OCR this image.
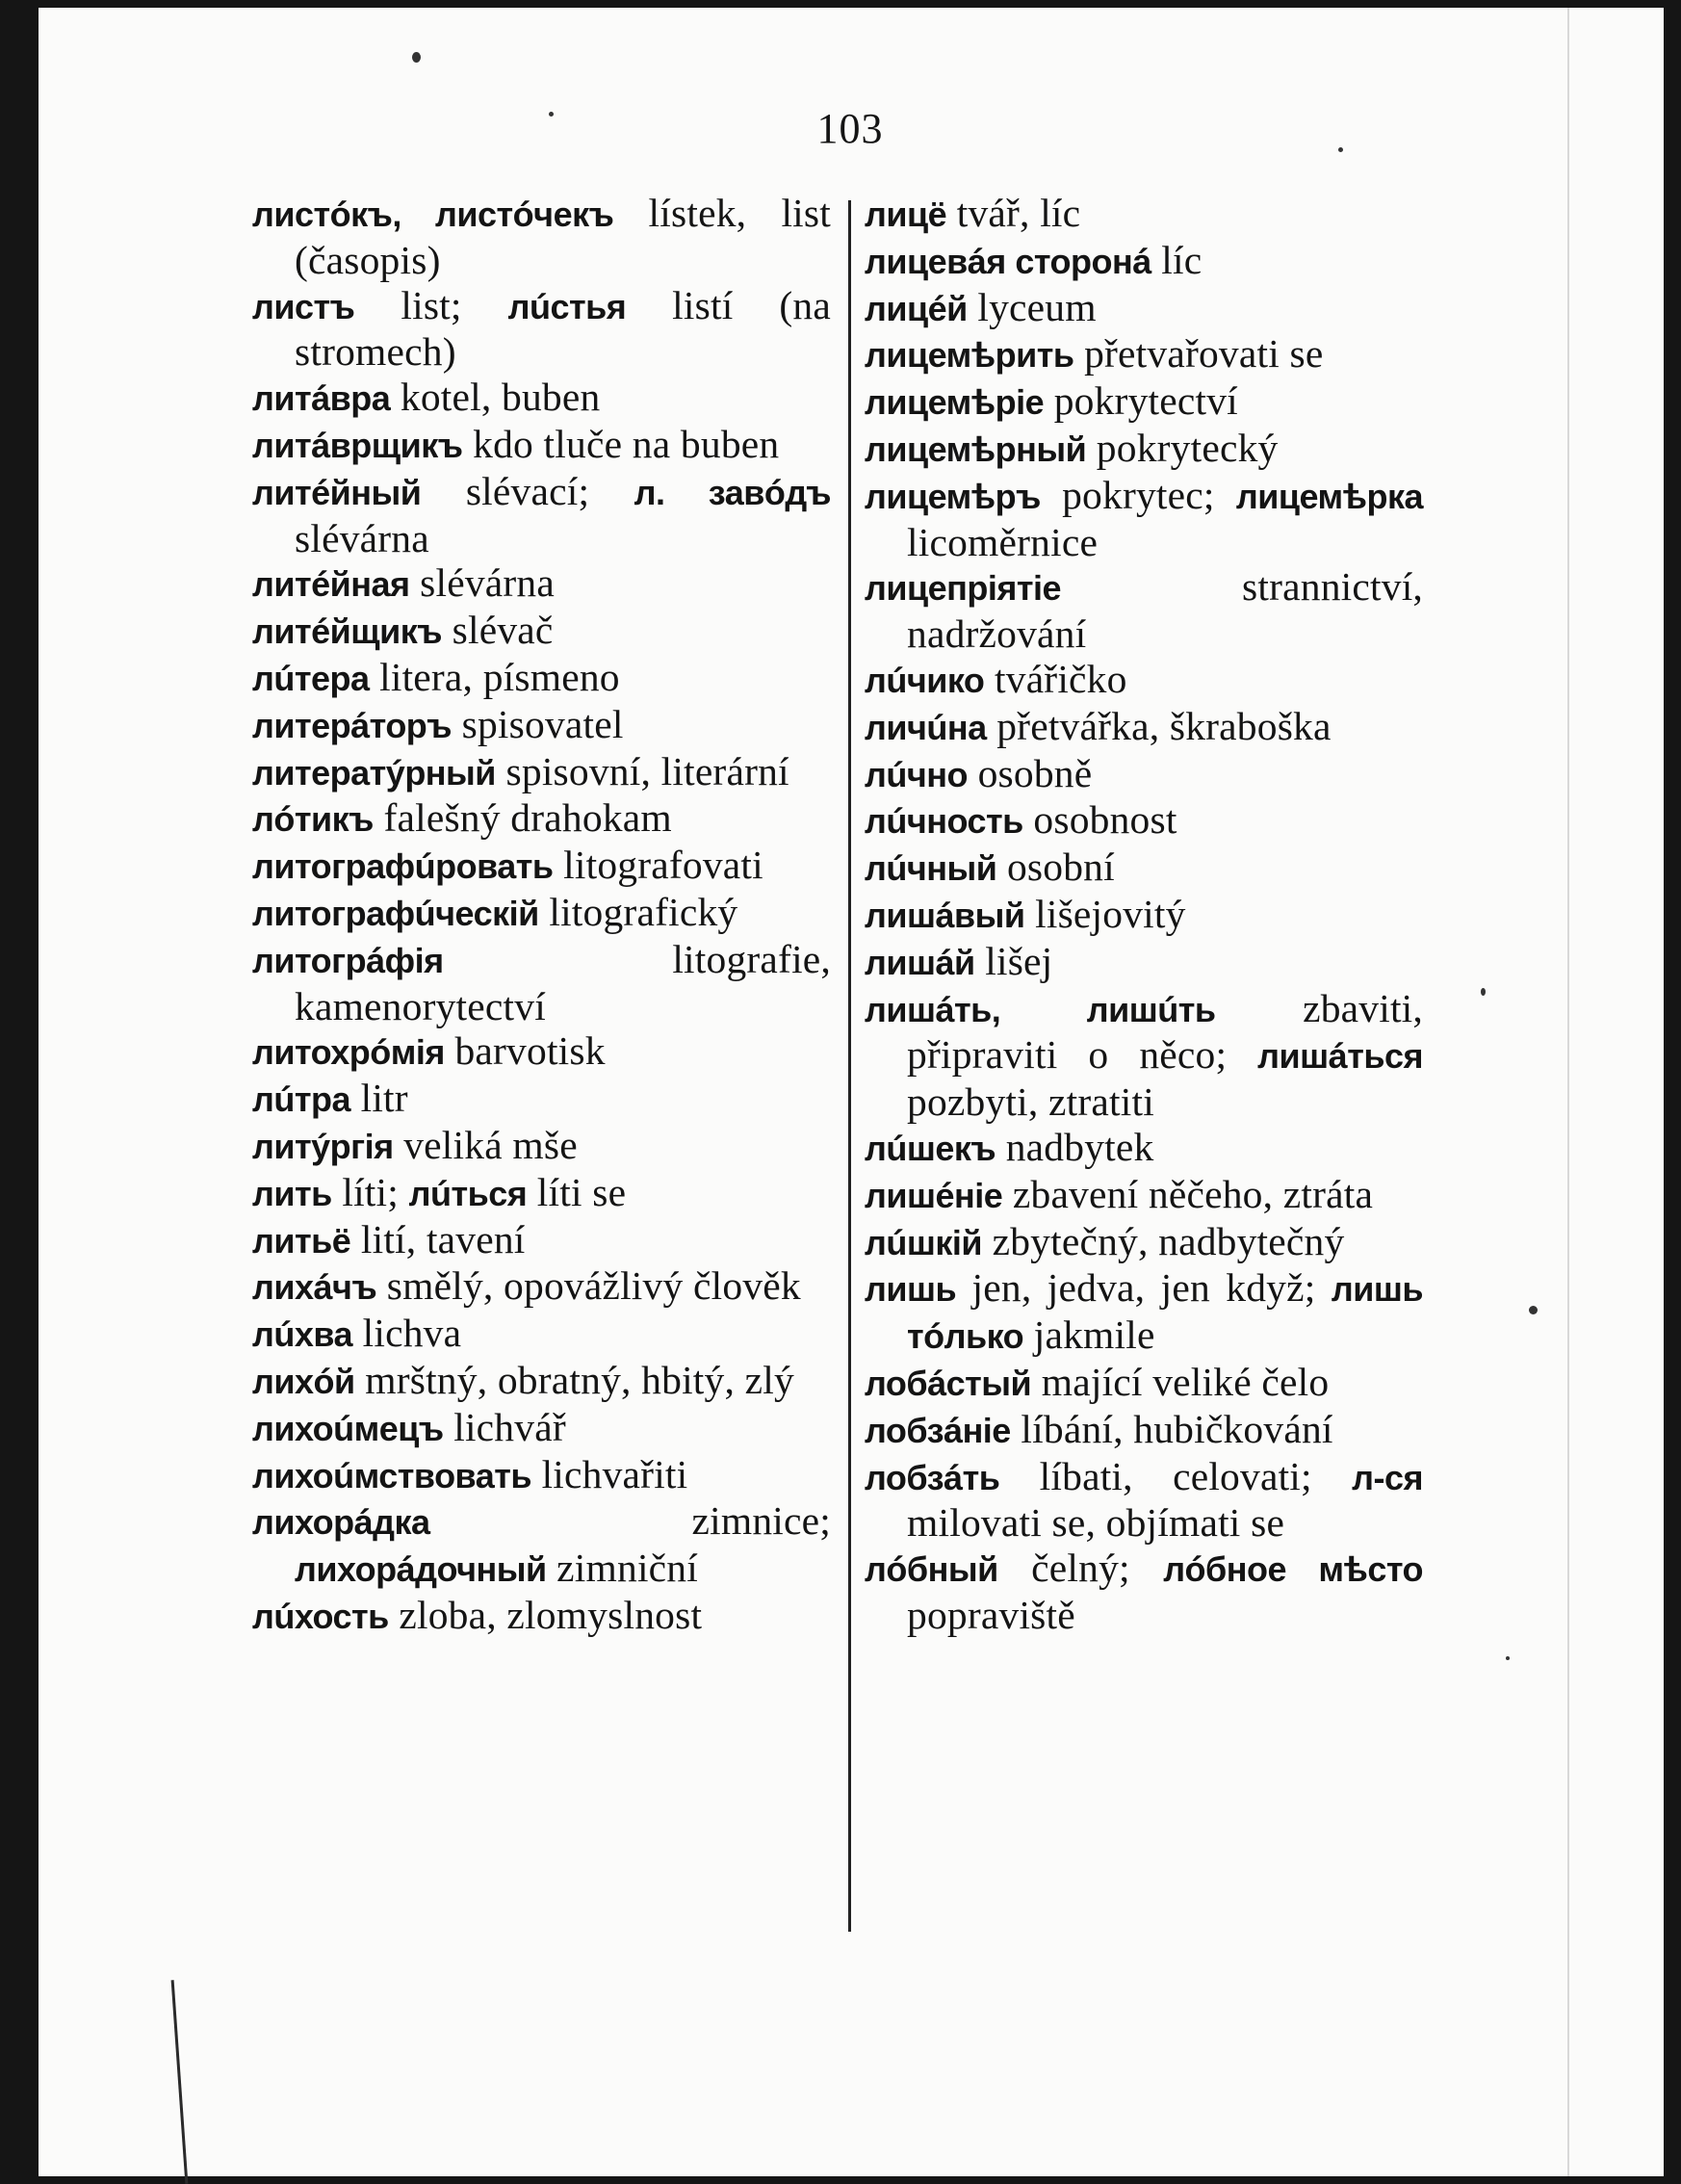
103
листóкъ, листóчекъ lístek, list (časopis)
листъ list; лúстья listí (na stromech)
литáвра kotel, buben
литáврщикъ kdo tluče na buben
литéйный slévací; л. завóдъ slévárna
литéйная slévárna
литéйщикъ slévač
лúтера litera, písmeno
литерáторъ spisovatel
литератýрный spisovní, literární
лóтикъ falešný drahokam
литографúровать litografovati
литографúческій litografický
литогрáфія litografie, kamenorytectví
литохрóмія barvotisk
лúтра litr
литýргія veliká mše
лить líti; лúться líti se
литьё lití, tavení
лихáчъ smělý, opovážlivý člověk
лúхва lichva
лихóй mrštný, obratný, hbitý, zlý
лихоúмецъ lichvář
лихоúмствовать lichvařiti
лихорáдка zimnice; лихорáдочный zimniční
лúхость zloba, zlomyslnost
лицё tvář, líc
лицевáя сторонá líc
лицéй lyceum
лицемѣрить přetvařovati se
лицемѣріе pokrytectví
лицемѣрный pokrytecký
лицемѣръ pokrytec; лицемѣрка licoměrnice
лицепріятіе strannictví, nadržování
лúчико tvářičko
личúна přetvářka, škraboška
лúчно osobně
лúчность osobnost
лúчный osobní
лишáвый lišejovitý
лишáй lišej
лишáть, лишúть zbaviti, připraviti o něco; лишáться pozbyti, ztratiti
лúшекъ nadbytek
лишéніе zbavení něčeho, ztráta
лúшкій zbytečný, nadbytečný
лишь jen, jedva, jen když; лишь тóлько jakmile
лобáстый mající veliké čelo
лобзáніе líbání, hubičkování
лобзáть líbati, celovati; л-ся milovati se, objímati se
лóбный čelný; лóбное мѣсто popraviště
